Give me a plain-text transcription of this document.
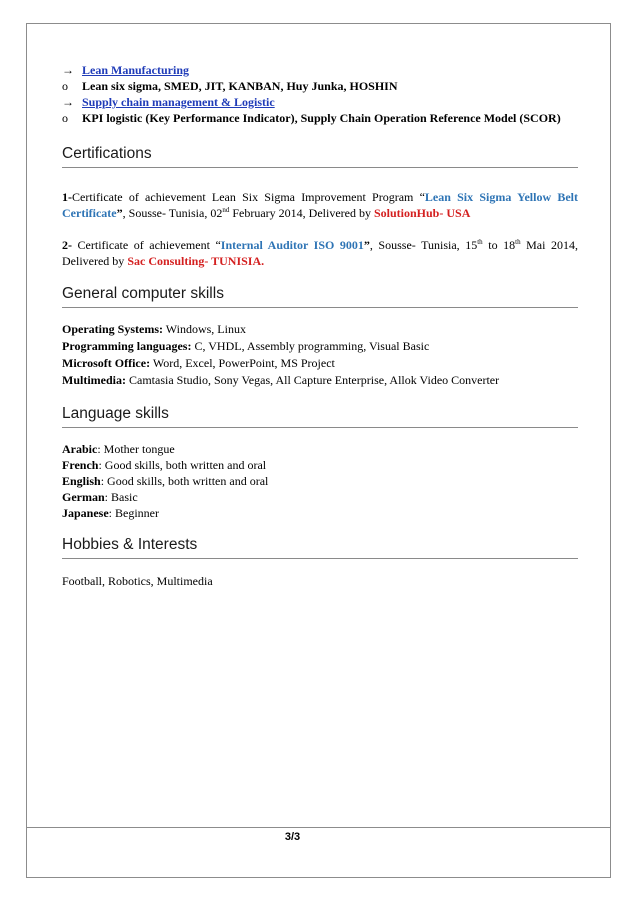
→ Lean Manufacturing
o	Lean six sigma, SMED, JIT, KANBAN, Huy Junka, HOSHIN
→ Supply chain management & Logistic
o	KPI logistic (Key Performance Indicator), Supply Chain Operation Reference Model (SCOR)
Certifications

1-Certificate of achievement Lean Six Sigma Improvement Program “Lean Six Sigma Yellow Belt Certificate”, Sousse- Tunisia, 02nd February 2014, Delivered by SolutionHub- USA

2- Certificate of achievement “Internal Auditor ISO 9001”, Sousse- Tunisia, 15th to 18th Mai 2014, Delivered by Sac Consulting- TUNISIA.

General computer skills
Operating Systems: Windows, Linux
Programming languages: C, VHDL, Assembly programming, Visual Basic
Microsoft Office: Word, Excel, PowerPoint, MS Project
Multimedia: Camtasia Studio, Sony Vegas, All Capture Enterprise, Allok Video Converter
Language skills
Arabic: Mother tongue
French: Good skills, both written and oral
English: Good skills, both written and oral
German: Basic
Japanese: Beginner
Hobbies & Interests
Football, Robotics, Multimedia
3/3
